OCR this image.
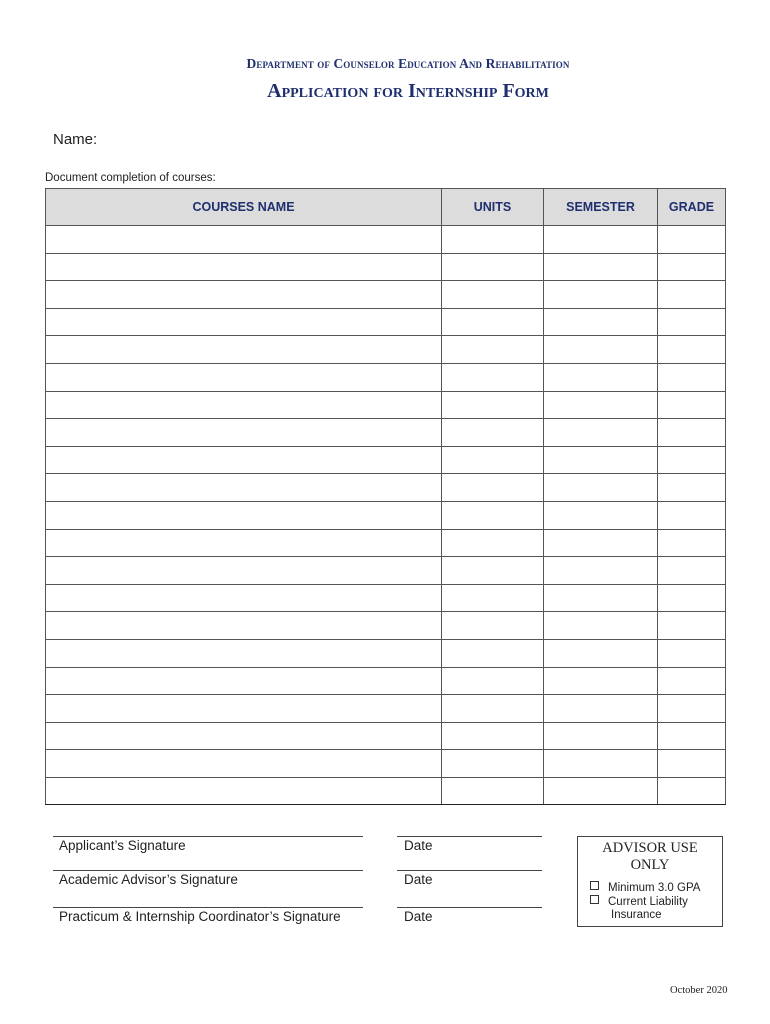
Department of Counselor Education And Rehabilitation
Application for Internship Form
Name:
Document completion of courses:
COURSES NAME	UNITS	SEMESTER	GRADE

Applicant’s Signature	Date
Academic Advisor’s Signature	Date
Practicum & Internship Coordinator’s Signature	Date
ADVISOR USE
ONLY
Minimum 3.0 GPA
Current Liability
Insurance
October 2020
